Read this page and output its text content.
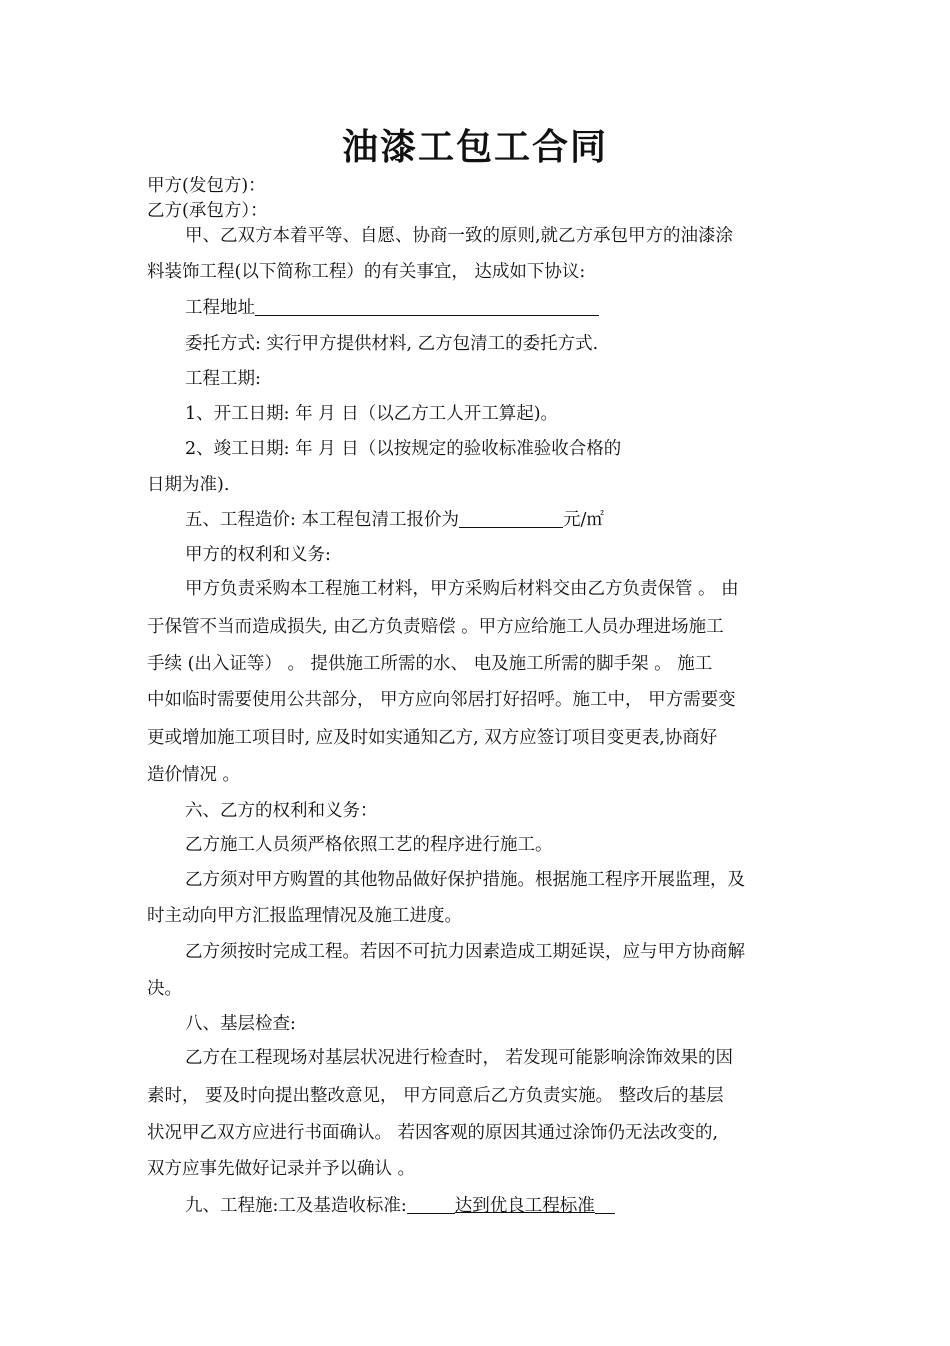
油漆工包工合同
甲方(发包方)：
乙方(承包方）：
甲、乙双方本着平等、自愿、协商一致的原则,就乙方承包甲方的油漆涂
料装饰工程(以下简称工程）的有关事宜， 达成如下协议:
工程地址
委托方式: 实行甲方提供材料, 乙方包清工的委托方式.
工程工期:
1、开工日期: 年 月 日（以乙方工人开工算起)。
2、竣工日期: 年 月 日（以按规定的验收标准验收合格的
日期为准).
五、工程造价: 本工程包清工报价为	元/㎡
甲方的权利和义务:
甲方负责采购本工程施工材料，甲方采购后材料交由乙方负责保管 。 由
于保管不当而造成损失, 由乙方负责赔偿 。甲方应给施工人员办理进场施工
手续 (出入证等） 。 提供施工所需的水、 电及施工所需的脚手架 。 施工
中如临时需要使用公共部分， 甲方应向邻居打好招呼。施工中， 甲方需要变
更或增加施工项目时, 应及时如实通知乙方, 双方应签订项目变更表,协商好
造价情况 。
六、乙方的权利和义务：
乙方施工人员须严格依照工艺的程序进行施工。
乙方须对甲方购置的其他物品做好保护措施。根据施工程序开展监理，及
时主动向甲方汇报监理情况及施工进度。
乙方须按时完成工程。若因不可抗力因素造成工期延误，应与甲方协商解
决。
八、基层检查:
乙方在工程现场对基层状况进行检查时， 若发现可能影响涂饰效果的因
素时， 要及时向提出整改意见， 甲方同意后乙方负责实施。 整改后的基层
状况甲乙双方应进行书面确认。 若因客观的原因其通过涂饰仍无法改变的,
双方应事先做好记录并予以确认 。
九、工程施:工及基造收标准:	达到优良工程标准
